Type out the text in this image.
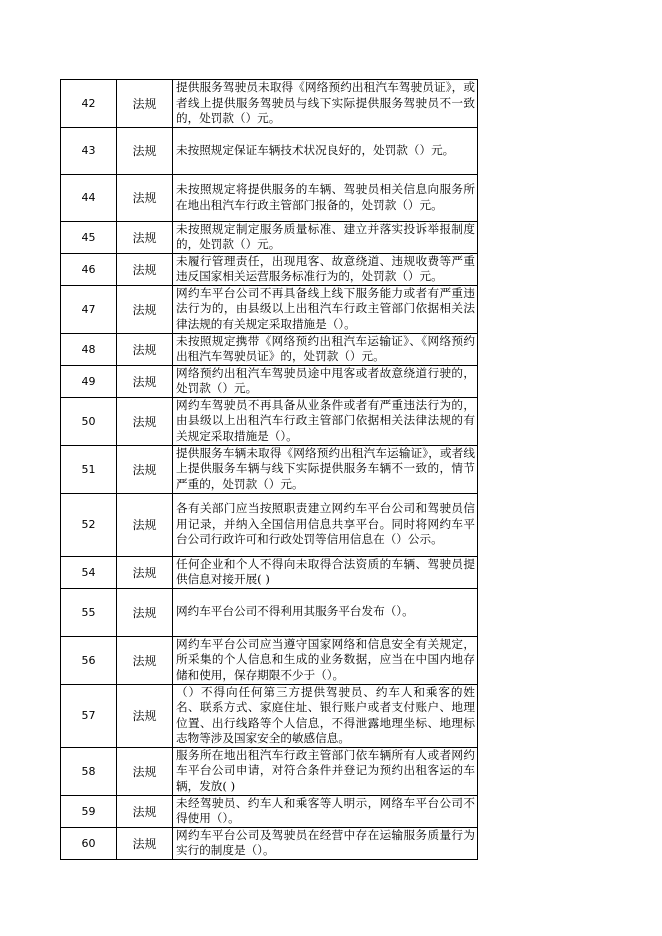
42	法规	提供服务驾驶员未取得《网络预约出租汽车驾驶员证》，或者线上提供服务驾驶员与线下实际提供服务驾驶员不一致的，处罚款（）元。
43	法规	未按照规定保证车辆技术状况良好的，处罚款（）元。
44	法规	未按照规定将提供服务的车辆、驾驶员相关信息向服务所在地出租汽车行政主管部门报备的，处罚款（）元。
45	法规	未按照规定制定服务质量标准、建立并落实投诉举报制度的，处罚款（）元。
46	法规	未履行管理责任，出现甩客、故意绕道、违规收费等严重违反国家相关运营服务标准行为的，处罚款（）元。
47	法规	网约车平台公司不再具备线上线下服务能力或者有严重违法行为的，由县级以上出租汽车行政主管部门依据相关法律法规的有关规定采取措施是（）。
48	法规	未按照规定携带《网络预约出租汽车运输证》、《网络预约出租汽车驾驶员证》的，处罚款（）元。
49	法规	网络预约出租汽车驾驶员途中甩客或者故意绕道行驶的，处罚款（）元。
50	法规	网约车驾驶员不再具备从业条件或者有严重违法行为的，由县级以上出租汽车行政主管部门依据相关法律法规的有关规定采取措施是（）。
51	法规	提供服务车辆未取得《网络预约出租汽车运输证》，或者线上提供服务车辆与线下实际提供服务车辆不一致的，情节严重的，处罚款（）元。
52	法规	各有关部门应当按照职责建立网约车平台公司和驾驶员信用记录，并纳入全国信用信息共享平台。同时将网约车平台公司行政许可和行政处罚等信用信息在（）公示。
54	法规	任何企业和个人不得向未取得合法资质的车辆、驾驶员提供信息对接开展( )
55	法规	网约车平台公司不得利用其服务平台发布（）。
56	法规	网约车平台公司应当遵守国家网络和信息安全有关规定，所采集的个人信息和生成的业务数据，应当在中国内地存储和使用，保存期限不少于（）。
57	法规	（）不得向任何第三方提供驾驶员、约车人和乘客的姓名、联系方式、家庭住址、银行账户或者支付账户、地理位置、出行线路等个人信息，不得泄露地理坐标、地理标志物等涉及国家安全的敏感信息。
58	法规	服务所在地出租汽车行政主管部门依车辆所有人或者网约车平台公司申请，对符合条件并登记为预约出租客运的车辆，发放( )
59	法规	未经驾驶员、约车人和乘客等人明示，网络车平台公司不得使用（）。
60	法规	网约车平台公司及驾驶员在经营中存在运输服务质量行为实行的制度是（）。
